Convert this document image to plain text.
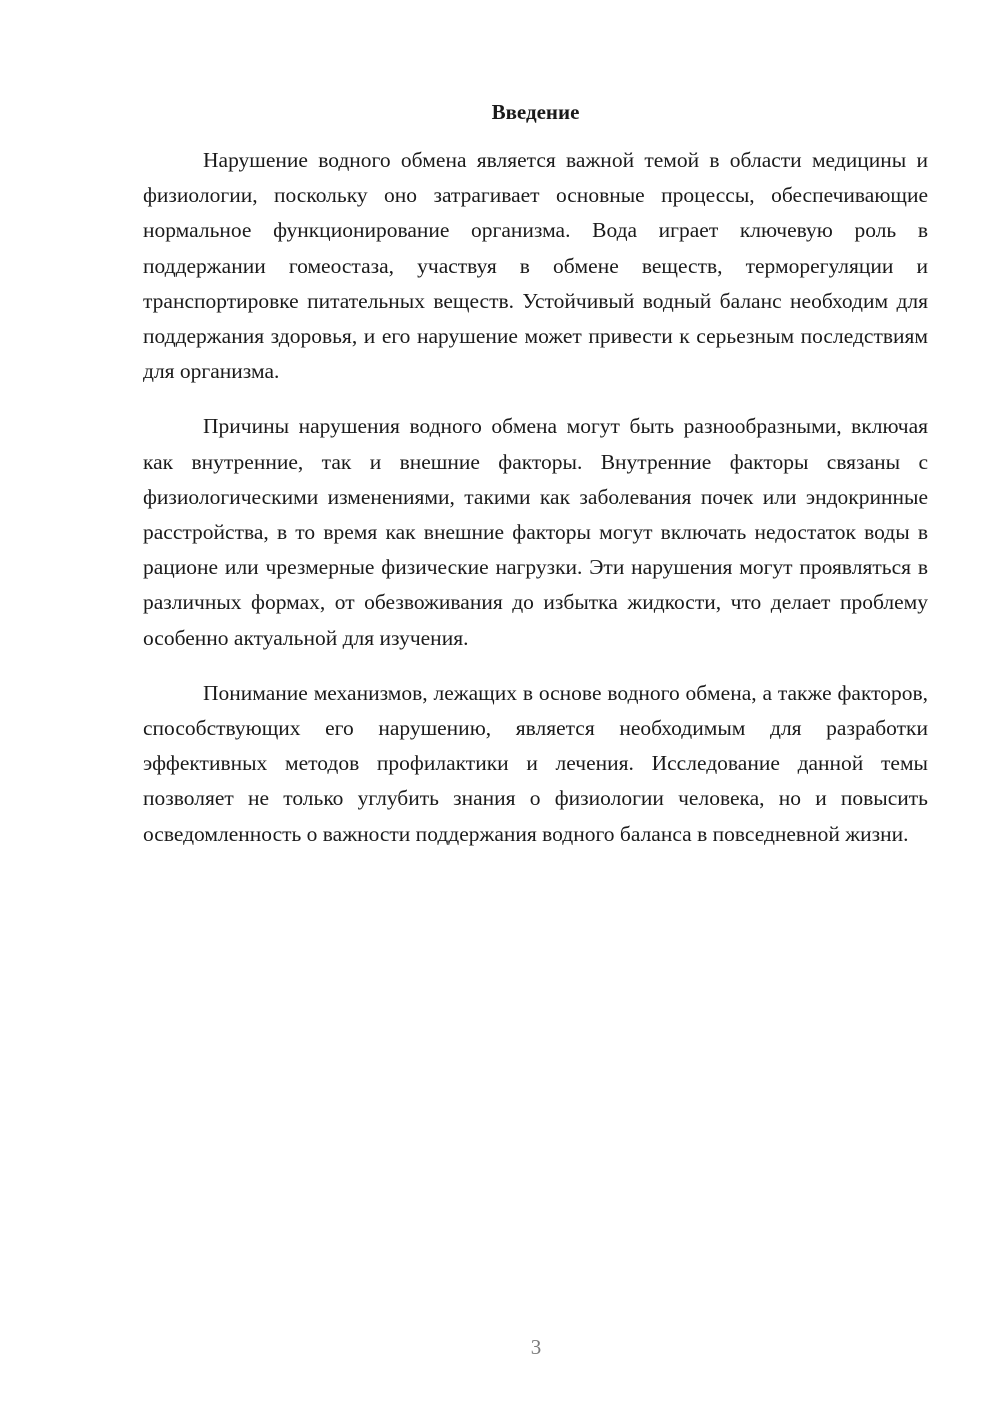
Введение

Нарушение водного обмена является важной темой в области медицины и физиологии, поскольку оно затрагивает основные процессы, обеспечивающие нормальное функционирование организма. Вода играет ключевую роль в поддержании гомеостаза, участвуя в обмене веществ, терморегуляции и транспортировке питательных веществ. Устойчивый водный баланс необходим для поддержания здоровья, и его нарушение может привести к серьезным последствиям для организма.

Причины нарушения водного обмена могут быть разнообразными, включая как внутренние, так и внешние факторы. Внутренние факторы связаны с физиологическими изменениями, такими как заболевания почек или эндокринные расстройства, в то время как внешние факторы могут включать недостаток воды в рационе или чрезмерные физические нагрузки. Эти нарушения могут проявляться в различных формах, от обезвоживания до избытка жидкости, что делает проблему особенно актуальной для изучения.

Понимание механизмов, лежащих в основе водного обмена, а также факторов, способствующих его нарушению, является необходимым для разработки эффективных методов профилактики и лечения. Исследование данной темы позволяет не только углубить знания о физиологии человека, но и повысить осведомленность о важности поддержания водного баланса в повседневной жизни.

3
